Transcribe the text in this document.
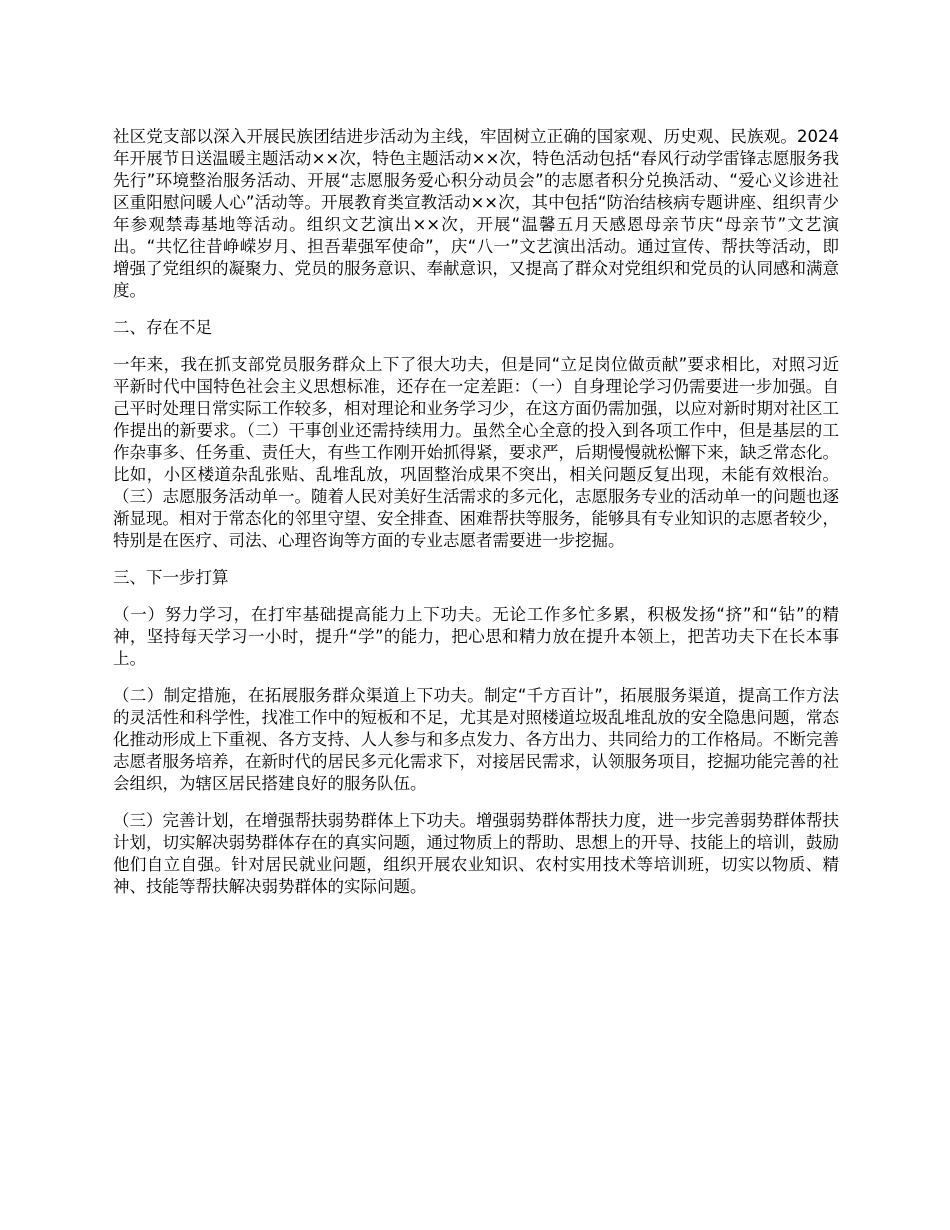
社区党支部以深入开展民族团结进步活动为主线，牢固树立正确的国家观、历史观、民族观。2024年开展节日送温暖主题活动××次，特色主题活动××次，特色活动包括“春风行动学雷锋志愿服务我先行”环境整治服务活动、开展“志愿服务爱心积分动员会”的志愿者积分兑换活动、“爱心义诊进社区重阳慰问暖人心”活动等。开展教育类宣教活动××次，其中包括“防治结核病专题讲座、组织青少年参观禁毒基地等活动。组织文艺演出××次，开展“温馨五月天感恩母亲节庆“母亲节”文艺演出。“共忆往昔峥嵘岁月、担吾辈强军使命”，庆“八一”文艺演出活动。通过宣传、帮扶等活动，即增强了党组织的凝聚力、党员的服务意识、奉献意识，又提高了群众对党组织和党员的认同感和满意度。

二、存在不足

一年来，我在抓支部党员服务群众上下了很大功夫，但是同“立足岗位做贡献”要求相比，对照习近平新时代中国特色社会主义思想标准，还存在一定差距：（一）自身理论学习仍需要进一步加强。自己平时处理日常实际工作较多，相对理论和业务学习少，在这方面仍需加强，以应对新时期对社区工作提出的新要求。（二）干事创业还需持续用力。虽然全心全意的投入到各项工作中，但是基层的工作杂事多、任务重、责任大，有些工作刚开始抓得紧，要求严，后期慢慢就松懈下来，缺乏常态化。比如，小区楼道杂乱张贴、乱堆乱放，巩固整治成果不突出，相关问题反复出现，未能有效根治。（三）志愿服务活动单一。随着人民对美好生活需求的多元化，志愿服务专业的活动单一的问题也逐渐显现。相对于常态化的邻里守望、安全排查、困难帮扶等服务，能够具有专业知识的志愿者较少，特别是在医疗、司法、心理咨询等方面的专业志愿者需要进一步挖掘。

三、下一步打算

（一）努力学习，在打牢基础提高能力上下功夫。无论工作多忙多累，积极发扬“挤”和“钻”的精神，坚持每天学习一小时，提升“学”的能力，把心思和精力放在提升本领上，把苦功夫下在长本事上。

（二）制定措施，在拓展服务群众渠道上下功夫。制定“千方百计”，拓展服务渠道，提高工作方法的灵活性和科学性，找准工作中的短板和不足，尤其是对照楼道垃圾乱堆乱放的安全隐患问题，常态化推动形成上下重视、各方支持、人人参与和多点发力、各方出力、共同给力的工作格局。不断完善志愿者服务培养，在新时代的居民多元化需求下，对接居民需求，认领服务项目，挖掘功能完善的社会组织，为辖区居民搭建良好的服务队伍。

（三）完善计划，在增强帮扶弱势群体上下功夫。增强弱势群体帮扶力度，进一步完善弱势群体帮扶计划，切实解决弱势群体存在的真实问题，通过物质上的帮助、思想上的开导、技能上的培训，鼓励他们自立自强。针对居民就业问题，组织开展农业知识、农村实用技术等培训班，切实以物质、精神、技能等帮扶解决弱势群体的实际问题。
